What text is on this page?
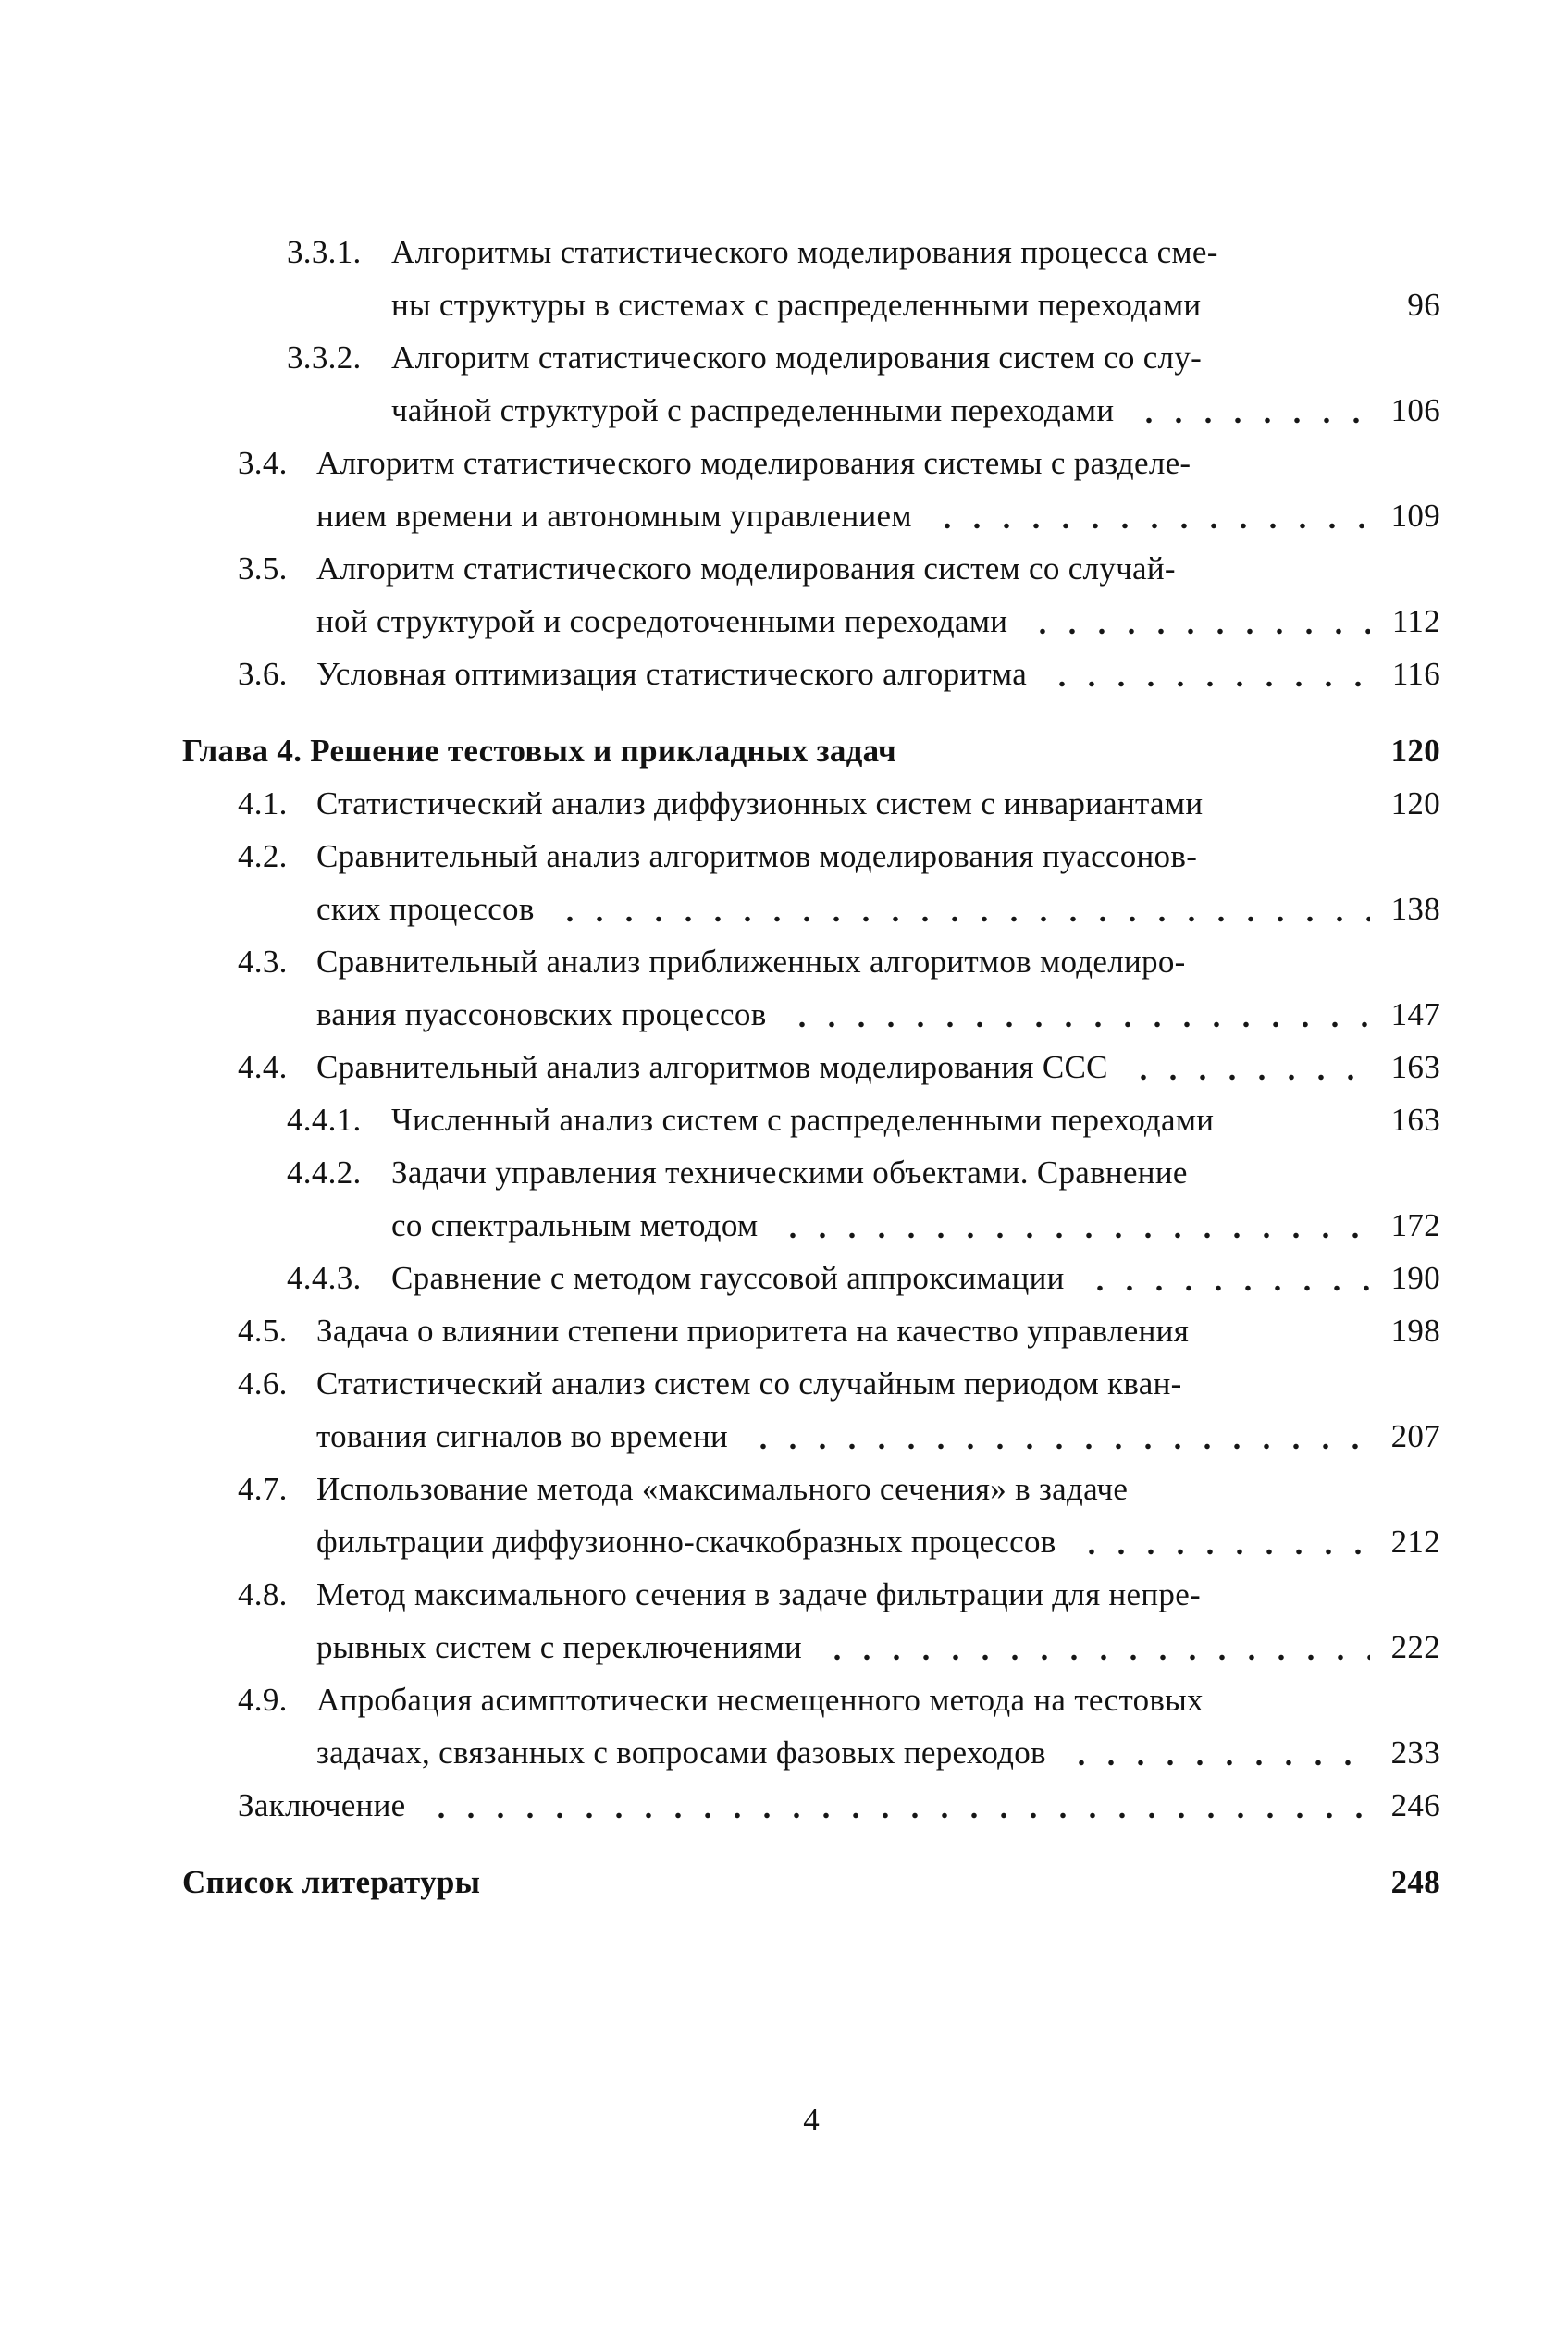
3.3.1. Алгоритмы статистического моделирования процесса сме-
ны структуры в системах с распределенными переходами	96
3.3.2. Алгоритм статистического моделирования систем со слу-
чайной структурой с распределенными переходами	106
3.4. Алгоритм статистического моделирования системы с разделе-
нием времени и автономным управлением	109
3.5. Алгоритм статистического моделирования систем со случай-
ной структурой и сосредоточенными переходами	112
3.6. Условная оптимизация статистического алгоритма	116
Глава 4. Решение тестовых и прикладных задач	120
4.1. Статистический анализ диффузионных систем с инвариантами	120
4.2. Сравнительный анализ алгоритмов моделирования пуассонов-
ских процессов	138
4.3. Сравнительный анализ приближенных алгоритмов моделиро-
вания пуассоновских процессов	147
4.4. Сравнительный анализ алгоритмов моделирования ССС	163
4.4.1. Численный анализ систем с распределенными переходами	163
4.4.2. Задачи управления техническими объектами. Сравнение
со спектральным методом	172
4.4.3. Сравнение с методом гауссовой аппроксимации	190
4.5. Задача о влиянии степени приоритета на качество управления	198
4.6. Статистический анализ систем со случайным периодом кван-
тования сигналов во времени	207
4.7. Использование метода «максимального сечения» в задаче
фильтрации диффузионно-скачкобразных процессов	212
4.8. Метод максимального сечения в задаче фильтрации для непре-
рывных систем с переключениями	222
4.9. Апробация асимптотически несмещенного метода на тестовых
задачах, связанных с вопросами фазовых переходов	233
Заключение	246
Список литературы	248
4
